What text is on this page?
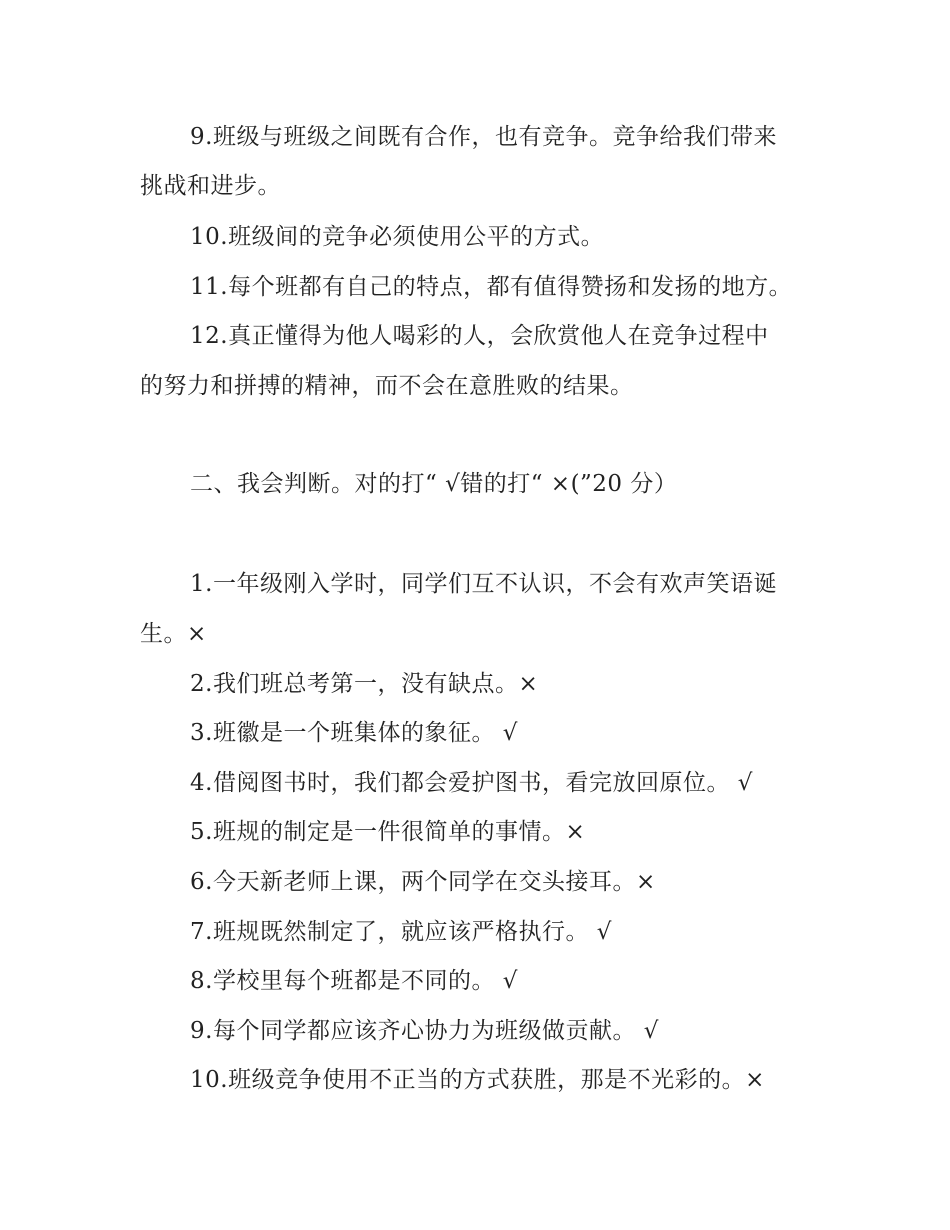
9.班级与班级之间既有合作，也有竞争。竞争给我们带来
挑战和进步。
10.班级间的竞争必须使用公平的方式。
11.每个班都有自己的特点，都有值得赞扬和发扬的地方。
12.真正懂得为他人喝彩的人，会欣赏他人在竞争过程中
的努力和拼搏的精神，而不会在意胜败的结果。
二、我会判断。对的打“ √错的打“ ×(”20 分）
1.一年级刚入学时，同学们互不认识，不会有欢声笑语诞
生。×
2.我们班总考第一，没有缺点。×
3.班徽是一个班集体的象征。 √
4.借阅图书时，我们都会爱护图书，看完放回原位。 √
5.班规的制定是一件很简单的事情。×
6.今天新老师上课，两个同学在交头接耳。×
7.班规既然制定了，就应该严格执行。 √
8.学校里每个班都是不同的。 √
9.每个同学都应该齐心协力为班级做贡献。 √
10.班级竞争使用不正当的方式获胜，那是不光彩的。×
